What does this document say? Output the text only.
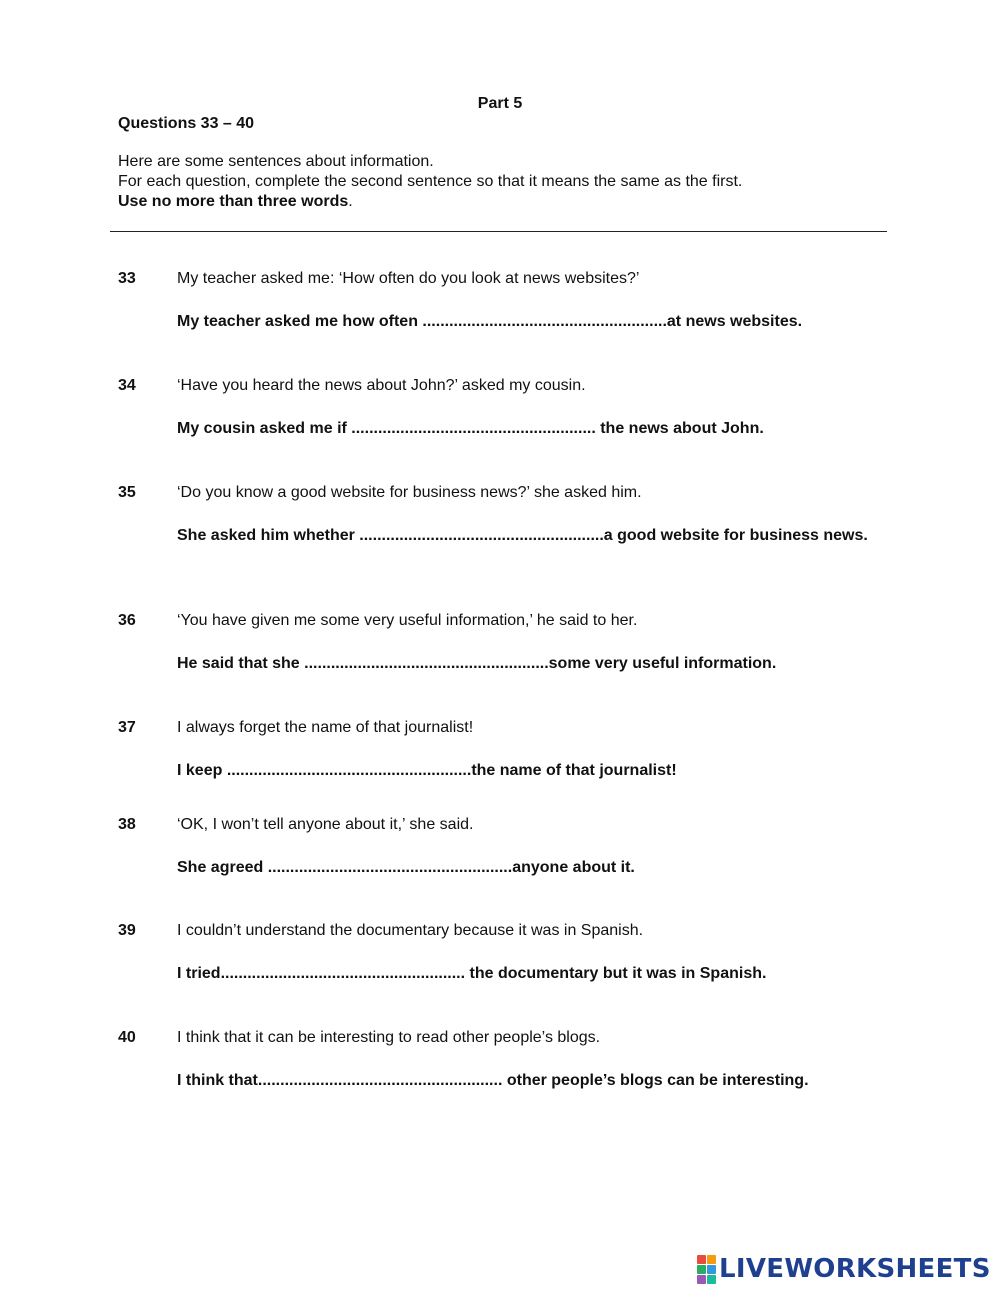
Part 5
Questions 33 – 40
Here are some sentences about information.
For each question, complete the second sentence so that it means the same as the first.
Use no more than three words.
33	My teacher asked me: ‘How often do you look at news websites?’
My teacher asked me how often .......................................................at news websites.
34	‘Have you heard the news about John?’ asked my cousin.
My cousin asked me if ....................................................... the news about John.
35	‘Do you know a good website for business news?’ she asked him.
She asked him whether .......................................................a good website for business news.
36	‘You have given me some very useful information,’ he said to her.
He said that she .......................................................some very useful information.
37	I always forget the name of that journalist!
I keep .......................................................the name of that journalist!
38	‘OK, I won’t tell anyone about it,’ she said.
She agreed .......................................................anyone about it.
39	I couldn’t understand the documentary because it was in Spanish.
I tried....................................................... the documentary but it was in Spanish.
40	I think that it can be interesting to read other people’s blogs.
I think that....................................................... other people’s blogs can be interesting.
LIVEWORKSHEETS
